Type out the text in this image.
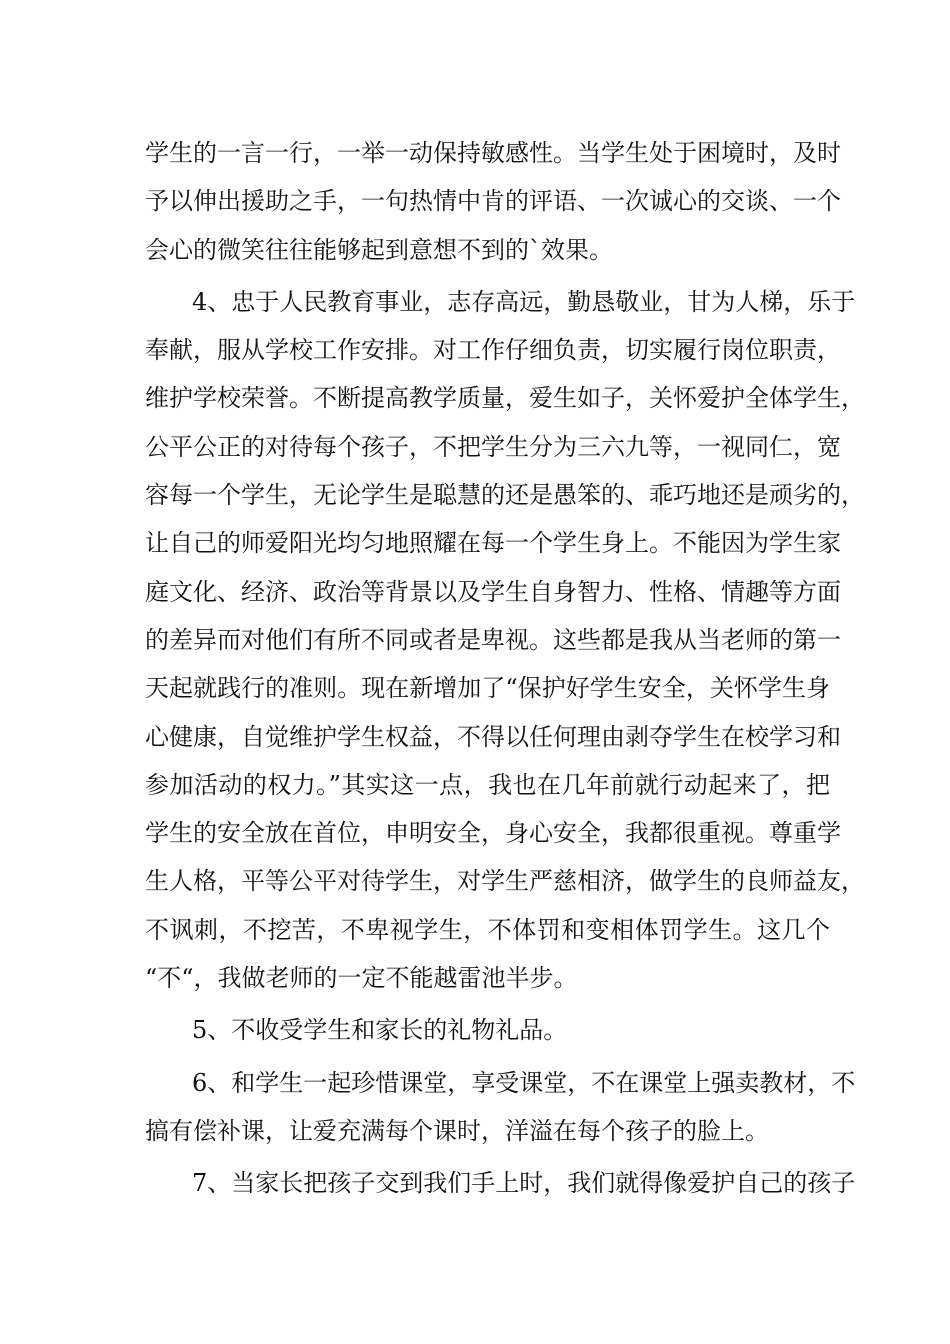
学生的一言一行，一举一动保持敏感性。当学生处于困境时，及时
予以伸出援助之手，一句热情中肯的评语、一次诚心的交谈、一个
会心的微笑往往能够起到意想不到的`效果。
4、忠于人民教育事业，志存高远，勤恳敬业，甘为人梯，乐于
奉献，服从学校工作安排。对工作仔细负责，切实履行岗位职责，
维护学校荣誉。不断提高教学质量，爱生如子，关怀爱护全体学生，
公平公正的对待每个孩子，不把学生分为三六九等，一视同仁，宽
容每一个学生，无论学生是聪慧的还是愚笨的、乖巧地还是顽劣的，
让自己的师爱阳光均匀地照耀在每一个学生身上。不能因为学生家
庭文化、经济、政治等背景以及学生自身智力、性格、情趣等方面
的差异而对他们有所不同或者是卑视。这些都是我从当老师的第一
天起就践行的准则。现在新增加了“保护好学生安全，关怀学生身
心健康，自觉维护学生权益，不得以任何理由剥夺学生在校学习和
参加活动的权力。”其实这一点，我也在几年前就行动起来了，把
学生的安全放在首位，申明安全，身心安全，我都很重视。尊重学
生人格，平等公平对待学生，对学生严慈相济，做学生的良师益友，
不讽刺，不挖苦，不卑视学生，不体罚和变相体罚学生。这几个
“不“，我做老师的一定不能越雷池半步。
5、不收受学生和家长的礼物礼品。
6、和学生一起珍惜课堂，享受课堂，不在课堂上强卖教材，不
搞有偿补课，让爱充满每个课时，洋溢在每个孩子的脸上。
7、当家长把孩子交到我们手上时，我们就得像爱护自己的孩子
